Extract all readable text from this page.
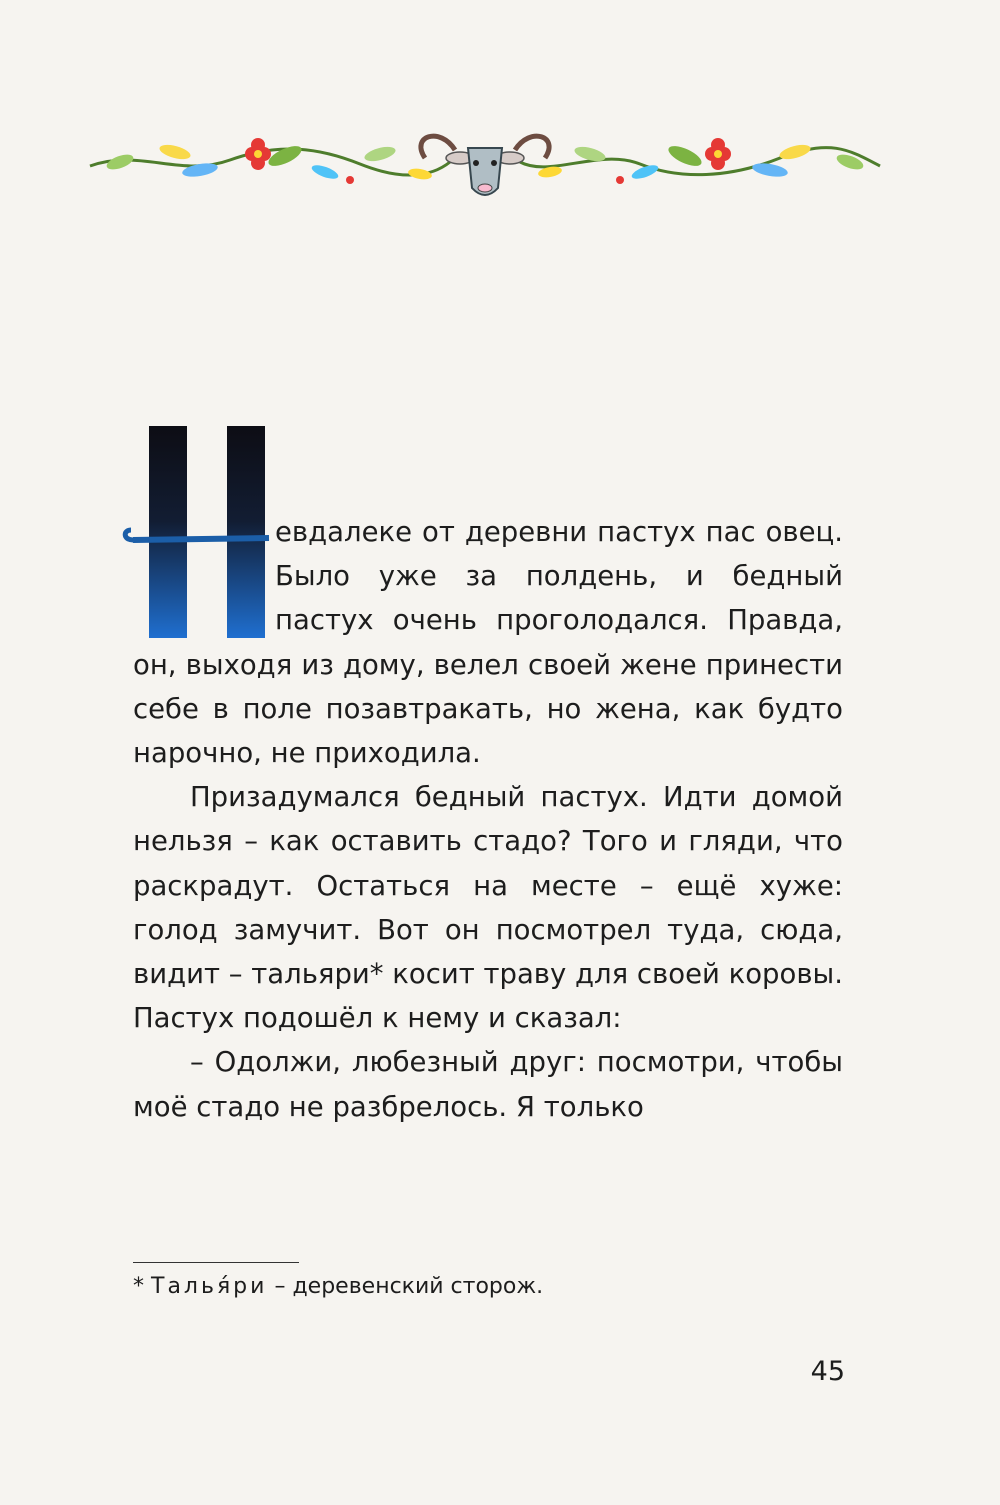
Н

евдалеке от деревни пастух пас овец. Было уже за полдень, и бедный пастух очень проголодался. Правда, он, выходя из дому, велел своей жене принести себе в поле позавтракать, но жена, как будто нарочно, не приходила.

Призадумался бедный пастух. Идти домой нельзя – как оставить стадо? Того и гляди, что раскрадут. Остаться на месте – ещё хуже: голод замучит. Вот он посмотрел туда, сюда, видит – тальяри* косит траву для своей коровы. Пастух подошёл к нему и сказал:

– Одолжи, любезный друг: посмотри, чтобы моё стадо не разбрелось. Я только

* Талья́ри – деревенский сторож.
45
